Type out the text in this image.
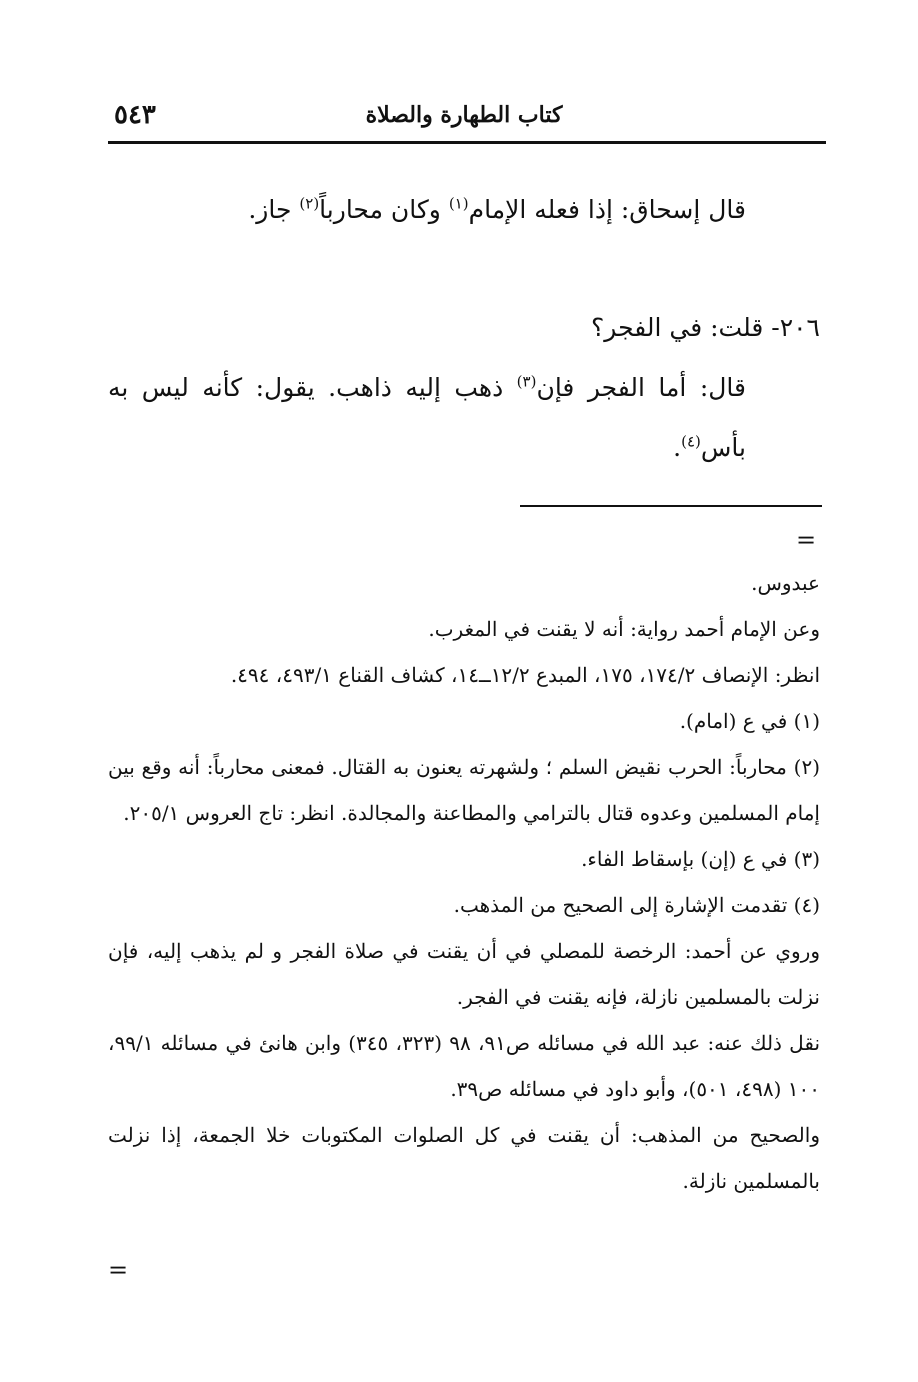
٥٤٣	كتاب الطهارة والصلاة

قال إسحاق: إذا فعله الإمام$^{(١)}$ وكان محارباً$^{(٢)}$ جاز.

٢٠٦- قلت: في الفجر؟

قال: أما الفجر فإن$^{(٣)}$ ذهب إليه ذاهب. يقول: كأنه ليس به بأس$^{(٤)}$.

=

عبدوس.

وعن الإمام أحمد رواية: أنه لا يقنت في المغرب.

انظر: الإنصاف ١٧٤/٢، ١٧٥، المبدع ١٢/٢ــ١٤، كشاف القناع ٤٩٣/١، ٤٩٤.

(١) في ع (امام).

(٢) محارباً: الحرب نقيض السلم ؛ ولشهرته يعنون به القتال. فمعنى محارباً: أنه وقع بين إمام المسلمين وعدوه قتال بالترامي والمطاعنة والمجالدة. انظر: تاج العروس ٢٠٥/١.

(٣) في ع (إن) بإسقاط الفاء.

(٤) تقدمت الإشارة إلى الصحيح من المذهب.

وروي عن أحمد: الرخصة للمصلي في أن يقنت في صلاة الفجر و لم يذهب إليه، فإن نزلت بالمسلمين نازلة، فإنه يقنت في الفجر.

نقل ذلك عنه: عبد الله في مسائله ص٩١، ٩٨ (٣٢٣، ٣٤٥) وابن هانئ في مسائله ٩٩/١، ١٠٠ (٤٩٨، ٥٠١)، وأبو داود في مسائله ص٣٩.

والصحيح من المذهب: أن يقنت في كل الصلوات المكتوبات خلا الجمعة، إذا نزلت بالمسلمين نازلة.

=
